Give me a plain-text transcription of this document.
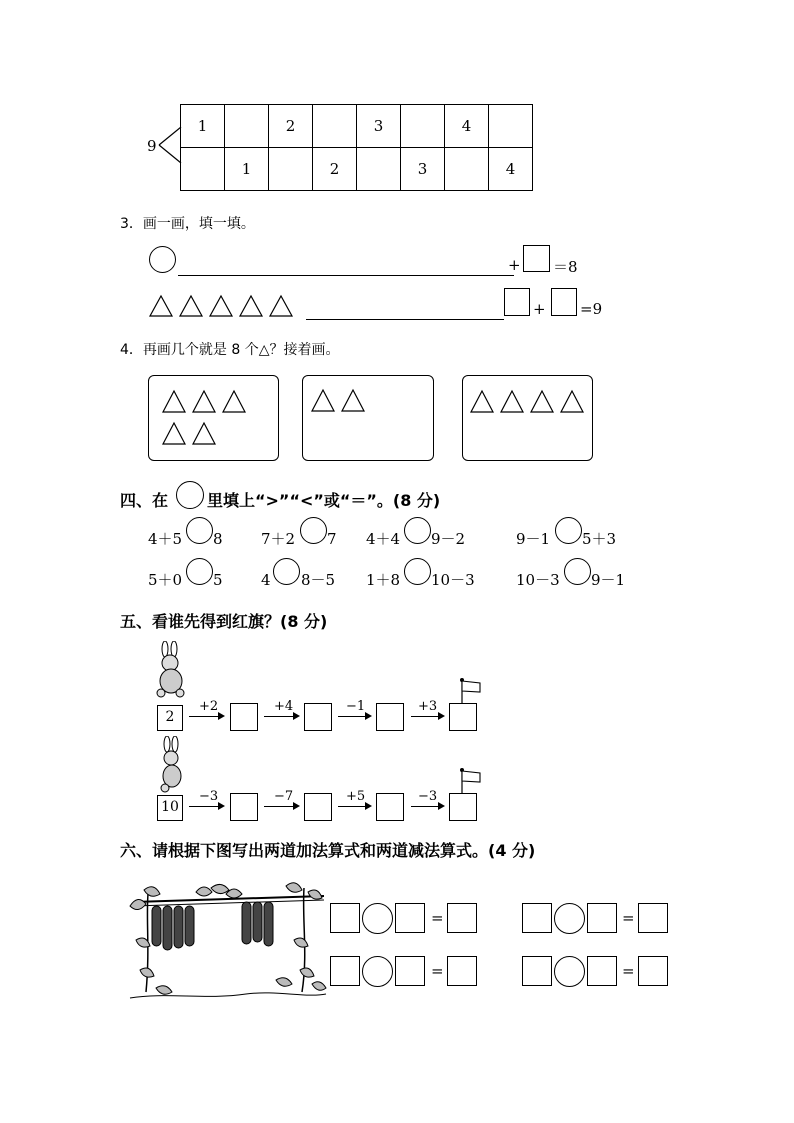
9
1		2		3		4	
	1		2		3		4
3．画一画，填一填。
+ ＝8
+ =9
4．再画几个就是 8 个△？接着画。
四、在 里填上“>”“<”或“＝”。(8 分)
4＋5 8	7＋2 7 4＋4 9－2	9－1 5＋3
5＋0 5	4 8－5 1＋8 10－3	10－3 9－1
五、看谁先得到红旗？(8 分)
2
+2	+4	−1	+3
10
−3	−7	+5	−3
六、请根据下图写出两道加法算式和两道减法算式。(4 分)
=	=
=	=
